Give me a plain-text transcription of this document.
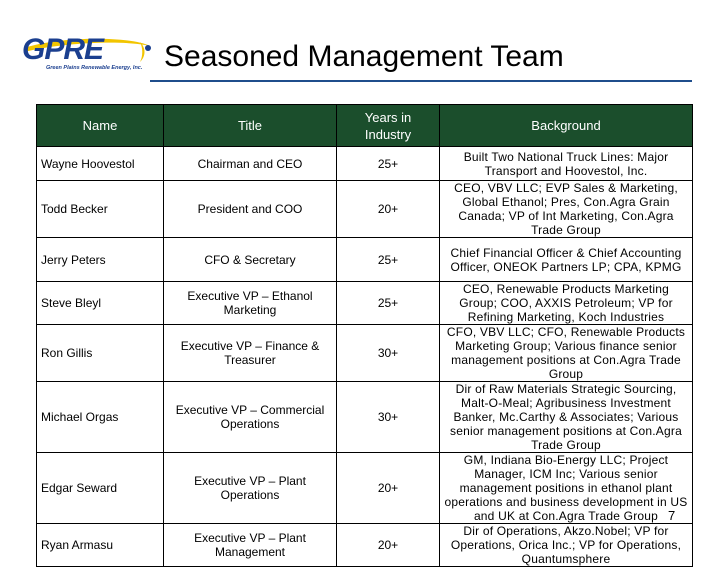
GPRE
Green Plains Renewable Energy, Inc. Seasoned Management Team
Name	Title	Years in Industry	Background
Wayne Hoovestol	Chairman and CEO	25+	Built Two National Truck Lines: Major Transport and Hoovestol, Inc.
Todd Becker	President and COO	20+	CEO, VBV LLC; EVP Sales & Marketing, Global Ethanol; Pres, Con.Agra Grain Canada; VP of Int Marketing, Con.Agra Trade Group
Jerry Peters	CFO & Secretary	25+	Chief Financial Officer & Chief Accounting Officer, ONEOK Partners LP; CPA, KPMG
Steve Bleyl	Executive VP – Ethanol Marketing	25+	CEO, Renewable Products Marketing Group; COO, AXXIS Petroleum; VP for Refining Marketing, Koch Industries
Ron Gillis	Executive VP – Finance & Treasurer	30+	CFO, VBV LLC; CFO, Renewable Products Marketing Group; Various finance senior management positions at Con.Agra Trade Group
Michael Orgas	Executive VP – Commercial Operations	30+	Dir of Raw Materials Strategic Sourcing, Malt-O-Meal; Agribusiness Investment Banker, Mc.Carthy & Associates; Various senior management positions at Con.Agra Trade Group
Edgar Seward	Executive VP – Plant Operations	20+	GM, Indiana Bio-Energy LLC; Project Manager, ICM Inc; Various senior management positions in ethanol plant operations and business development in US and UK at Con.Agra Trade Group
Ryan Armasu	Executive VP – Plant Management	20+	Dir of Operations, Akzo.Nobel; VP for Operations, Orica Inc.; VP for Operations, Quantumsphere
7
